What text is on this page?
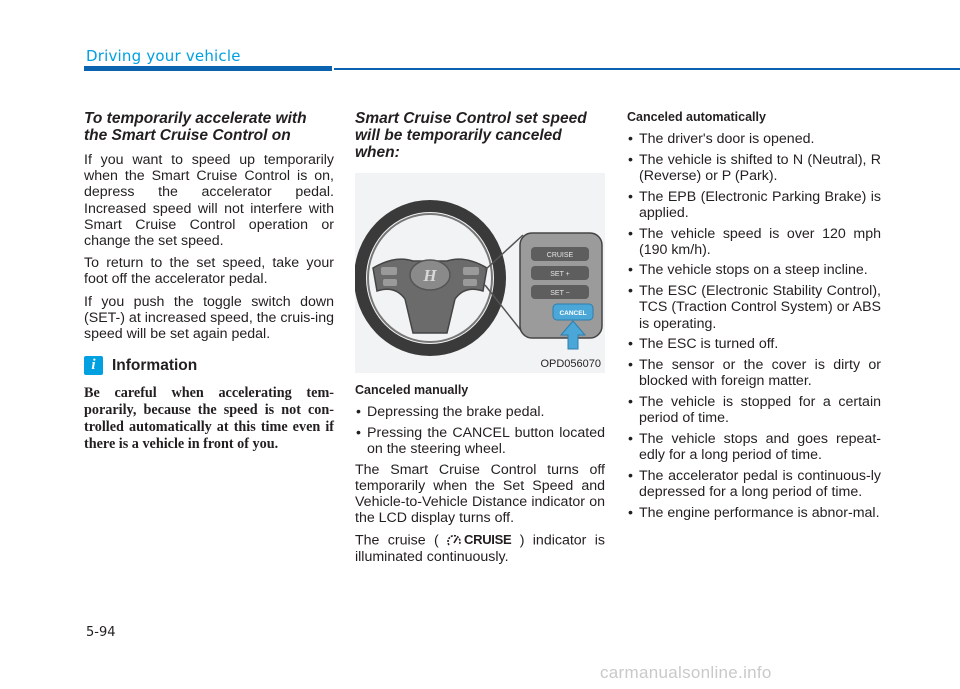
Driving your vehicle
To temporarily accelerate with the Smart Cruise Control on

If you want to speed up temporarily when the Smart Cruise Control is on, depress the accelerator pedal. Increased speed will not interfere with Smart Cruise Control operation or change the set speed.

To return to the set speed, take your foot off the accelerator pedal.

If you push the toggle switch down (SET-) at increased speed, the cruis-ing speed will be set again pedal.

i	Information

Be careful when accelerating tem-porarily, because the speed is not con-trolled automatically at this time even if there is a vehicle in front of you.

Smart Cruise Control set speed will be temporarily canceled when:
H
CRUISE
SET +
SET −
CANCEL
OPD056070
Canceled manually
• Depressing the brake pedal.
• Pressing the CANCEL button located on the steering wheel.

The Smart Cruise Control turns off temporarily when the Set Speed and Vehicle-to-Vehicle Distance indicator on the LCD display turns off.

The cruise ( CRUISE ) indicator is illuminated continuously.

Canceled automatically
• The driver's door is opened.
• The vehicle is shifted to N (Neutral), R (Reverse) or P (Park).
• The EPB (Electronic Parking Brake) is applied.
• The vehicle speed is over 120 mph (190 km/h).
• The vehicle stops on a steep incline.
• The ESC (Electronic Stability Control), TCS (Traction Control System) or ABS is operating.
• The ESC is turned off.
• The sensor or the cover is dirty or blocked with foreign matter.
• The vehicle is stopped for a certain period of time.
• The vehicle stops and goes repeat-edly for a long period of time.
• The accelerator pedal is continuous-ly depressed for a long period of time.
• The engine performance is abnor-mal.
5-94
carmanualsonline.info
